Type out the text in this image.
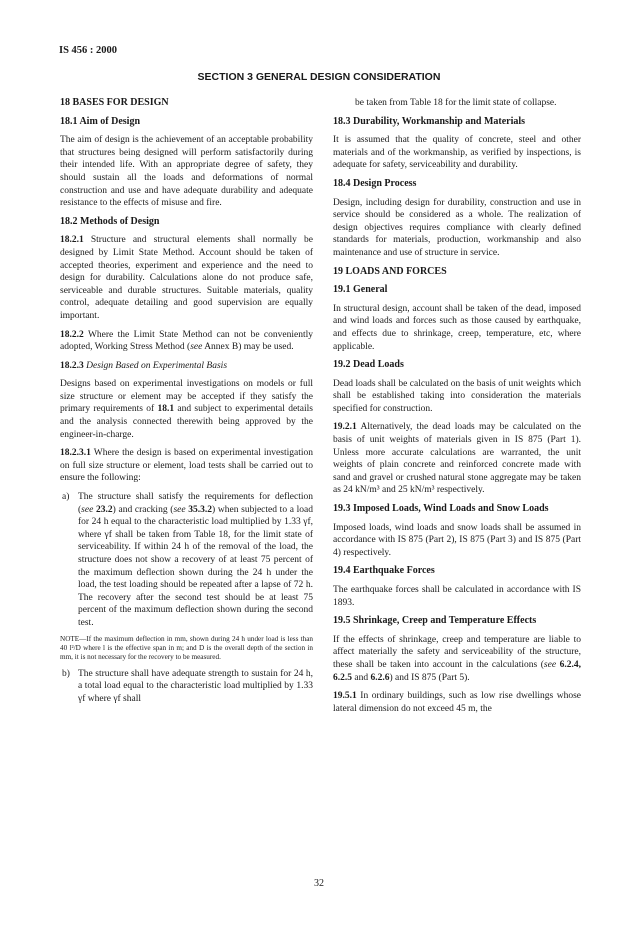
IS 456 : 2000
SECTION 3 GENERAL DESIGN CONSIDERATION
18 BASES FOR DESIGN
18.1 Aim of Design

The aim of design is the achievement of an acceptable probability that structures being designed will perform satisfactorily during their intended life. With an appropriate degree of safety, they should sustain all the loads and deformations of normal construction and use and have adequate durability and adequate resistance to the effects of misuse and fire.

18.2 Methods of Design

18.2.1 Structure and structural elements shall normally be designed by Limit State Method. Account should be taken of accepted theories, experiment and experience and the need to design for durability. Calculations alone do not produce safe, serviceable and durable structures. Suitable materials, quality control, adequate detailing and good supervision are equally important.

18.2.2 Where the Limit State Method can not be conveniently adopted, Working Stress Method (see Annex B) may be used.

18.2.3 Design Based on Experimental Basis

Designs based on experimental investigations on models or full size structure or element may be accepted if they satisfy the primary requirements of 18.1 and subject to experimental details and the analysis connected therewith being approved by the engineer-in-charge.

18.2.3.1 Where the design is based on experimental investigation on full size structure or element, load tests shall be carried out to ensure the following:

a) The structure shall satisfy the requirements for deflection (see 23.2) and cracking (see 35.3.2) when subjected to a load for 24 h equal to the characteristic load multiplied by 1.33 γf, where γf shall be taken from Table 18, for the limit state of serviceability. If within 24 h of the removal of the load, the structure does not show a recovery of at least 75 percent of the maximum deflection shown during the 24 h under the load, the test loading should be repeated after a lapse of 72 h. The recovery after the second test should be at least 75 percent of the maximum deflection shown during the second test.

NOTE—If the maximum deflection in mm, shown during 24 h under load is less than 40 l²/D where l is the effective span in m; and D is the overall depth of the section in mm, it is not necessary for the recovery to be measured.

b) The structure shall have adequate strength to sustain for 24 h, a total load equal to the characteristic load multiplied by 1.33 γf where γf shall

be taken from Table 18 for the limit state of collapse.

18.3 Durability, Workmanship and Materials

It is assumed that the quality of concrete, steel and other materials and of the workmanship, as verified by inspections, is adequate for safety, serviceability and durability.

18.4 Design Process

Design, including design for durability, construction and use in service should be considered as a whole. The realization of design objectives requires compliance with clearly defined standards for materials, production, workmanship and also maintenance and use of structure in service.

19 LOADS AND FORCES
19.1 General

In structural design, account shall be taken of the dead, imposed and wind loads and forces such as those caused by earthquake, and effects due to shrinkage, creep, temperature, etc, where applicable.

19.2 Dead Loads

Dead loads shall be calculated on the basis of unit weights which shall be established taking into consideration the materials specified for construction.

19.2.1 Alternatively, the dead loads may be calculated on the basis of unit weights of materials given in IS 875 (Part 1). Unless more accurate calculations are warranted, the unit weights of plain concrete and reinforced concrete made with sand and gravel or crushed natural stone aggregate may be taken as 24 kN/m³ and 25 kN/m³ respectively.

19.3 Imposed Loads, Wind Loads and Snow Loads

Imposed loads, wind loads and snow loads shall be assumed in accordance with IS 875 (Part 2), IS 875 (Part 3) and IS 875 (Part 4) respectively.

19.4 Earthquake Forces

The earthquake forces shall be calculated in accordance with IS 1893.

19.5 Shrinkage, Creep and Temperature Effects

If the effects of shrinkage, creep and temperature are liable to affect materially the safety and serviceability of the structure, these shall be taken into account in the calculations (see 6.2.4, 6.2.5 and 6.2.6) and IS 875 (Part 5).

19.5.1 In ordinary buildings, such as low rise dwellings whose lateral dimension do not exceed 45 m, the

32
